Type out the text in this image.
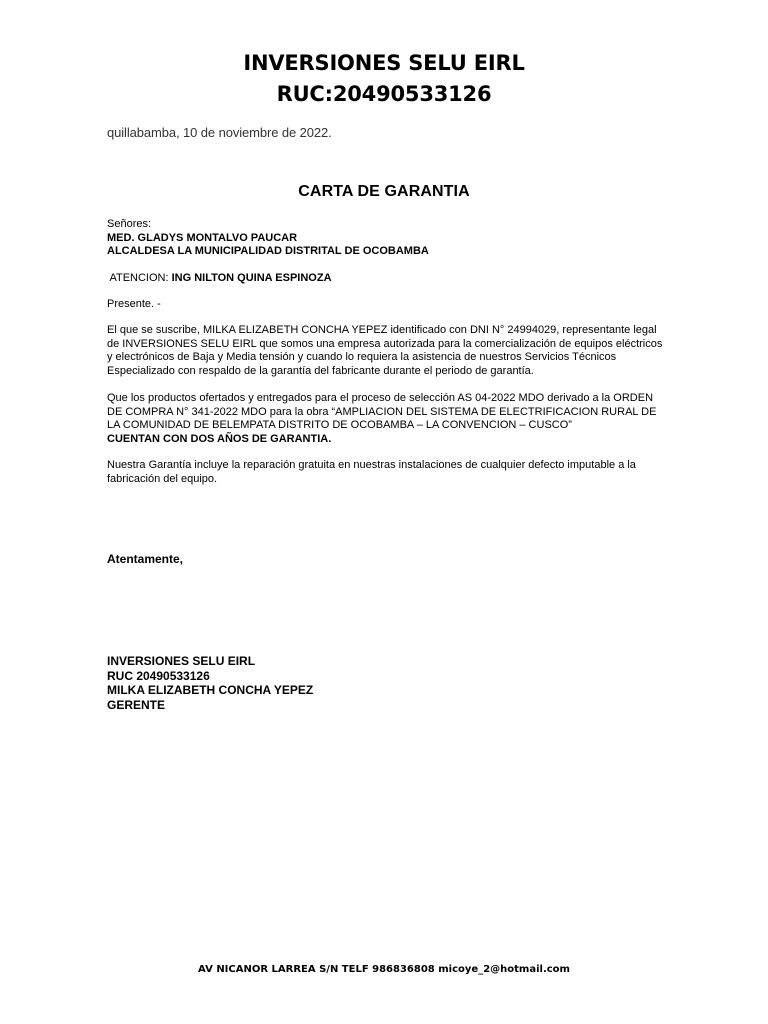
INVERSIONES SELU EIRL
RUC:20490533126
quillabamba, 10 de noviembre de 2022.
CARTA DE GARANTIA
Señores:
MED. GLADYS MONTALVO PAUCAR
ALCALDESA LA MUNICIPALIDAD DISTRITAL DE OCOBAMBA
ATENCION: ING NILTON QUINA ESPINOZA
Presente. -
El que se suscribe, MILKA ELIZABETH CONCHA YEPEZ identificado con DNI N° 24994029, representante legal de INVERSIONES SELU EIRL que somos una empresa autorizada para la comercialización de equipos eléctricos y electrónicos de Baja y Media tensión y cuando lo requiera la asistencia de nuestros Servicios Técnicos Especializado con respaldo de la garantía del fabricante durante el periodo de garantía.
Que los productos ofertados y entregados para el proceso de selección AS 04-2022 MDO derivado a la ORDEN DE COMPRA N° 341-2022 MDO para la obra “AMPLIACION DEL SISTEMA DE ELECTRIFICACION RURAL DE LA COMUNIDAD DE BELEMPATA DISTRITO DE OCOBAMBA – LA CONVENCION – CUSCO”
CUENTAN CON DOS AÑOS DE GARANTIA.
Nuestra Garantía incluye la reparación gratuita en nuestras instalaciones de cualquier defecto imputable a la fabricación del equipo.
Atentamente,
INVERSIONES SELU EIRL
RUC 20490533126
MILKA ELIZABETH CONCHA YEPEZ
GERENTE
AV NICANOR LARREA S/N TELF 986836808 micoye_2@hotmail.com
